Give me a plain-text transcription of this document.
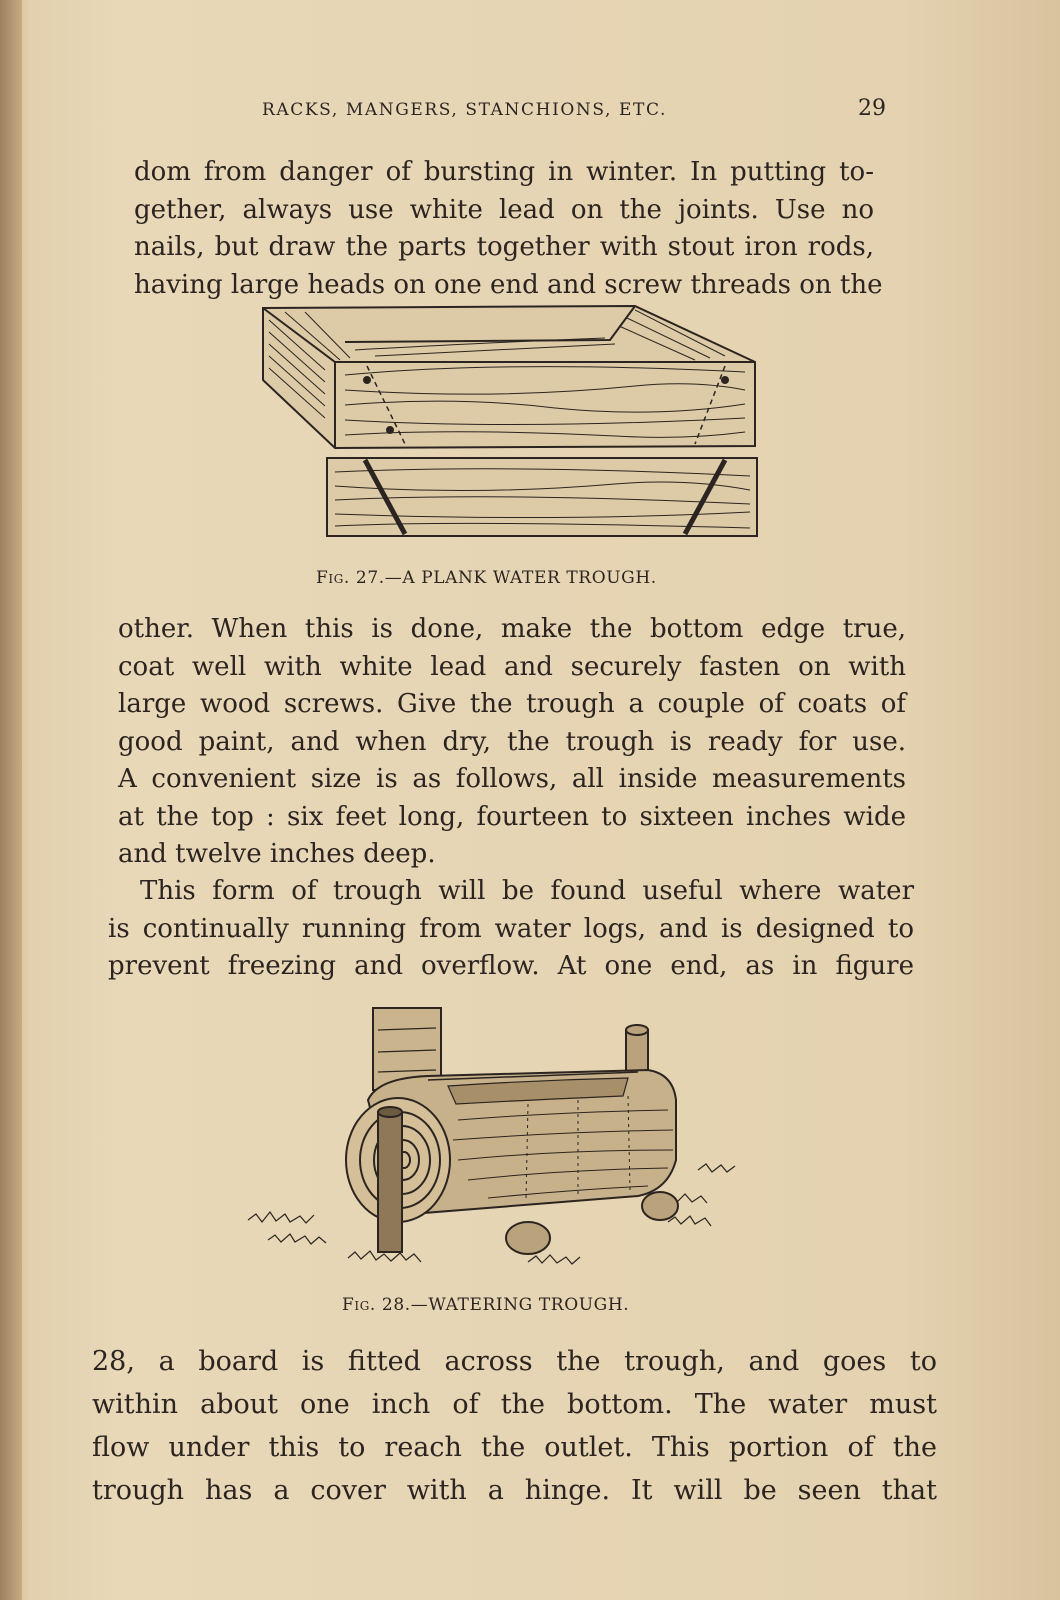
RACKS, MANGERS, STANCHIONS, ETC.	29
dom from danger of bursting in winter. In putting to-
gether, always use white lead on the joints. Use no
nails, but draw the parts together with stout iron rods,
having large heads on one end and screw threads on the
Fig. 27.—A PLANK WATER TROUGH.
other. When this is done, make the bottom edge true,
coat well with white lead and securely fasten on with
large wood screws. Give the trough a couple of coats of
good paint, and when dry, the trough is ready for use.
A convenient size is as follows, all inside measurements
at the top : six feet long, fourteen to sixteen inches wide
and twelve inches deep.
This form of trough will be found useful where water
is continually running from water logs, and is designed to
prevent freezing and overflow. At one end, as in figure
Fig. 28.—WATERING TROUGH.
28, a board is fitted across the trough, and goes to
within about one inch of the bottom. The water must
flow under this to reach the outlet. This portion of the
trough has a cover with a hinge. It will be seen that
